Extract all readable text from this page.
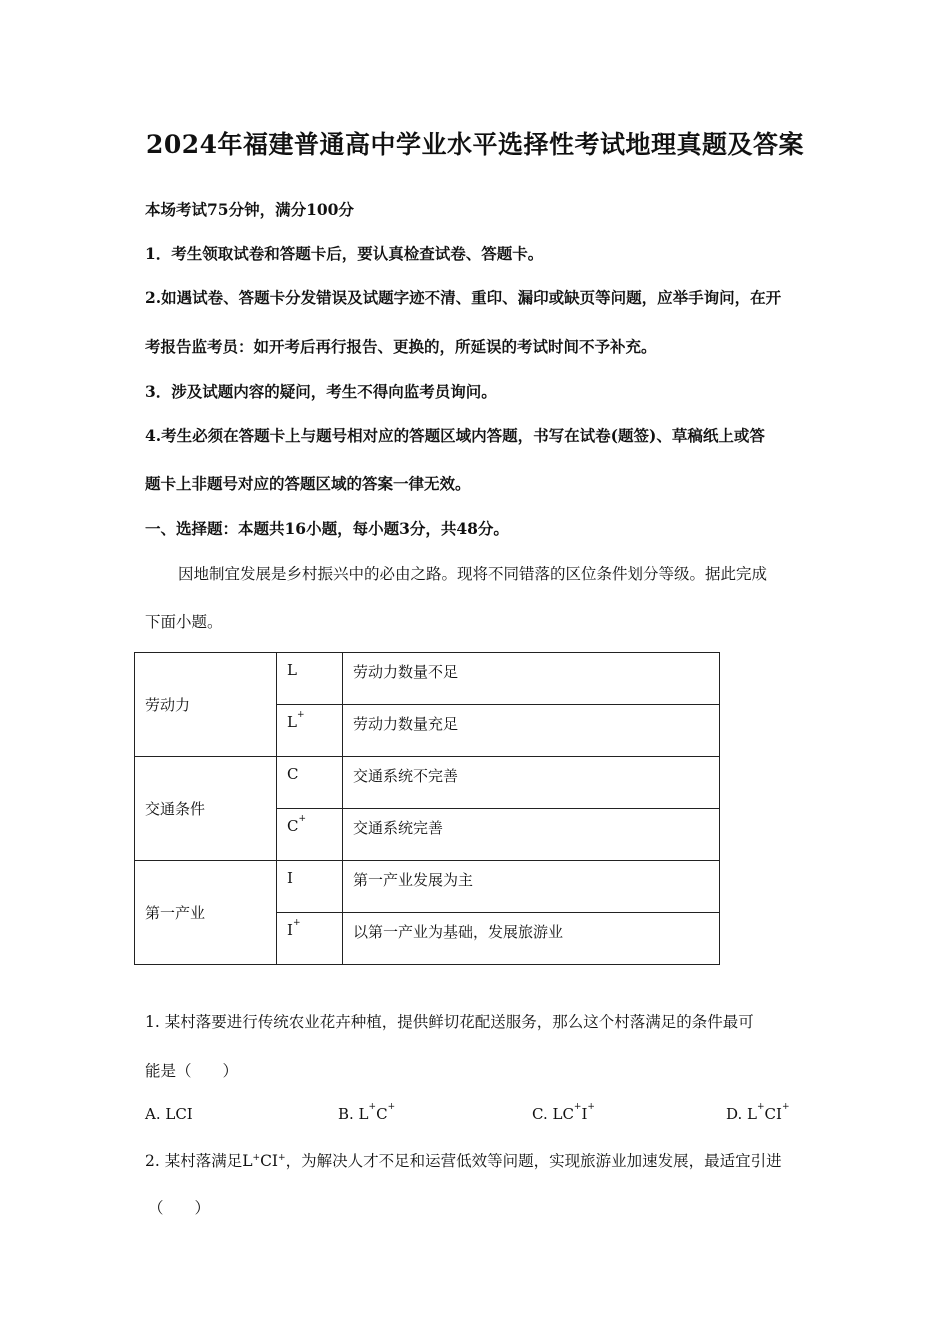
2024年福建普通高中学业水平选择性考试地理真题及答案
本场考试75分钟，满分100分
1．考生领取试卷和答题卡后，要认真检查试卷、答题卡。
2.如遇试卷、答题卡分发错误及试题字迹不清、重印、漏印或缺页等问题，应举手询问，在开
考报告监考员：如开考后再行报告、更换的，所延误的考试时间不予补充。
3．涉及试题内容的疑问，考生不得向监考员询问。
4.考生必须在答题卡上与题号相对应的答题区域内答题，书写在试卷(题签)、草稿纸上或答
题卡上非题号对应的答题区域的答案一律无效。
一、选择题：本题共16小题，每小题3分，共48分。
因地制宜发展是乡村振兴中的必由之路。现将不同错落的区位条件划分等级。据此完成
下面小题。
劳动力	L	劳动力数量不足
	L+	劳动力数量充足
交通条件	C	交通系统不完善
	C+	交通系统完善
第一产业	I	第一产业发展为主
	I+	以第一产业为基础，发展旅游业
1. 某村落要进行传统农业花卉种植，提供鲜切花配送服务，那么这个村落满足的条件最可
能是（　　）
A. LCI	B. L+C+	C. LC+I+	D. L+CI+
2. 某村落满足L+CI+，为解决人才不足和运营低效等问题，实现旅游业加速发展，最适宜引进
（　　）
